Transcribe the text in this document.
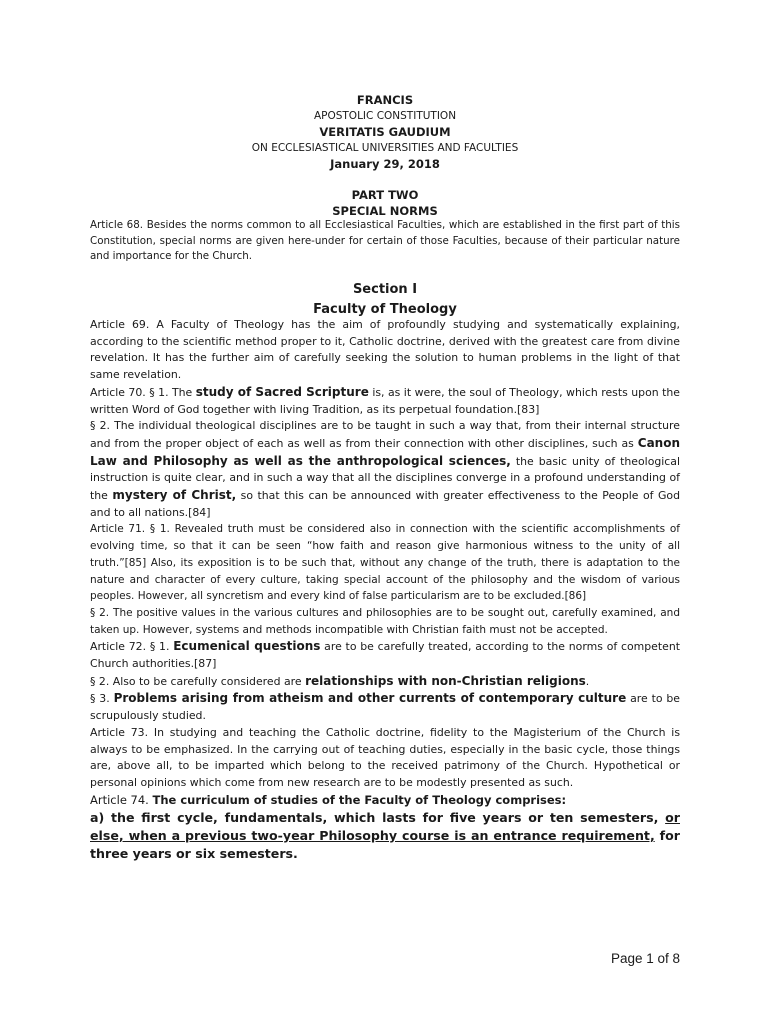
FRANCIS
APOSTOLIC CONSTITUTION
VERITATIS GAUDIUM
ON ECCLESIASTICAL UNIVERSITIES AND FACULTIES
January 29, 2018
PART TWO
SPECIAL NORMS

Article 68. Besides the norms common to all Ecclesiastical Faculties, which are established in the first part of this Constitution, special norms are given here-under for certain of those Faculties, because of their particular nature and importance for the Church.

Section I
Faculty of Theology

Article 69. A Faculty of Theology has the aim of profoundly studying and systematically explaining, according to the scientific method proper to it, Catholic doctrine, derived with the greatest care from divine revelation. It has the further aim of carefully seeking the solution to human problems in the light of that same revelation.

Article 70. § 1. The study of Sacred Scripture is, as it were, the soul of Theology, which rests upon the written Word of God together with living Tradition, as its perpetual foundation.[83]

§ 2. The individual theological disciplines are to be taught in such a way that, from their internal structure and from the proper object of each as well as from their connection with other disciplines, such as Canon Law and Philosophy as well as the anthropological sciences, the basic unity of theological instruction is quite clear, and in such a way that all the disciplines converge in a profound understanding of the mystery of Christ, so that this can be announced with greater effectiveness to the People of God and to all nations.[84]

Article 71. § 1. Revealed truth must be considered also in connection with the scientific accomplishments of evolving time, so that it can be seen “how faith and reason give harmonious witness to the unity of all truth.”[85] Also, its exposition is to be such that, without any change of the truth, there is adaptation to the nature and character of every culture, taking special account of the philosophy and the wisdom of various peoples. However, all syncretism and every kind of false particularism are to be excluded.[86]

§ 2. The positive values in the various cultures and philosophies are to be sought out, carefully examined, and taken up. However, systems and methods incompatible with Christian faith must not be accepted.

Article 72. § 1. Ecumenical questions are to be carefully treated, according to the norms of competent Church authorities.[87]

§ 2. Also to be carefully considered are relationships with non-Christian religions.

§ 3. Problems arising from atheism and other currents of contemporary culture are to be scrupulously studied.

Article 73. In studying and teaching the Catholic doctrine, fidelity to the Magisterium of the Church is always to be emphasized. In the carrying out of teaching duties, especially in the basic cycle, those things are, above all, to be imparted which belong to the received patrimony of the Church. Hypothetical or personal opinions which come from new research are to be modestly presented as such.

Article 74. The curriculum of studies of the Faculty of Theology comprises:

a) the first cycle, fundamentals, which lasts for five years or ten semesters, or else, when a previous two-year Philosophy course is an entrance requirement, for three years or six semesters.

Page 1 of 8
